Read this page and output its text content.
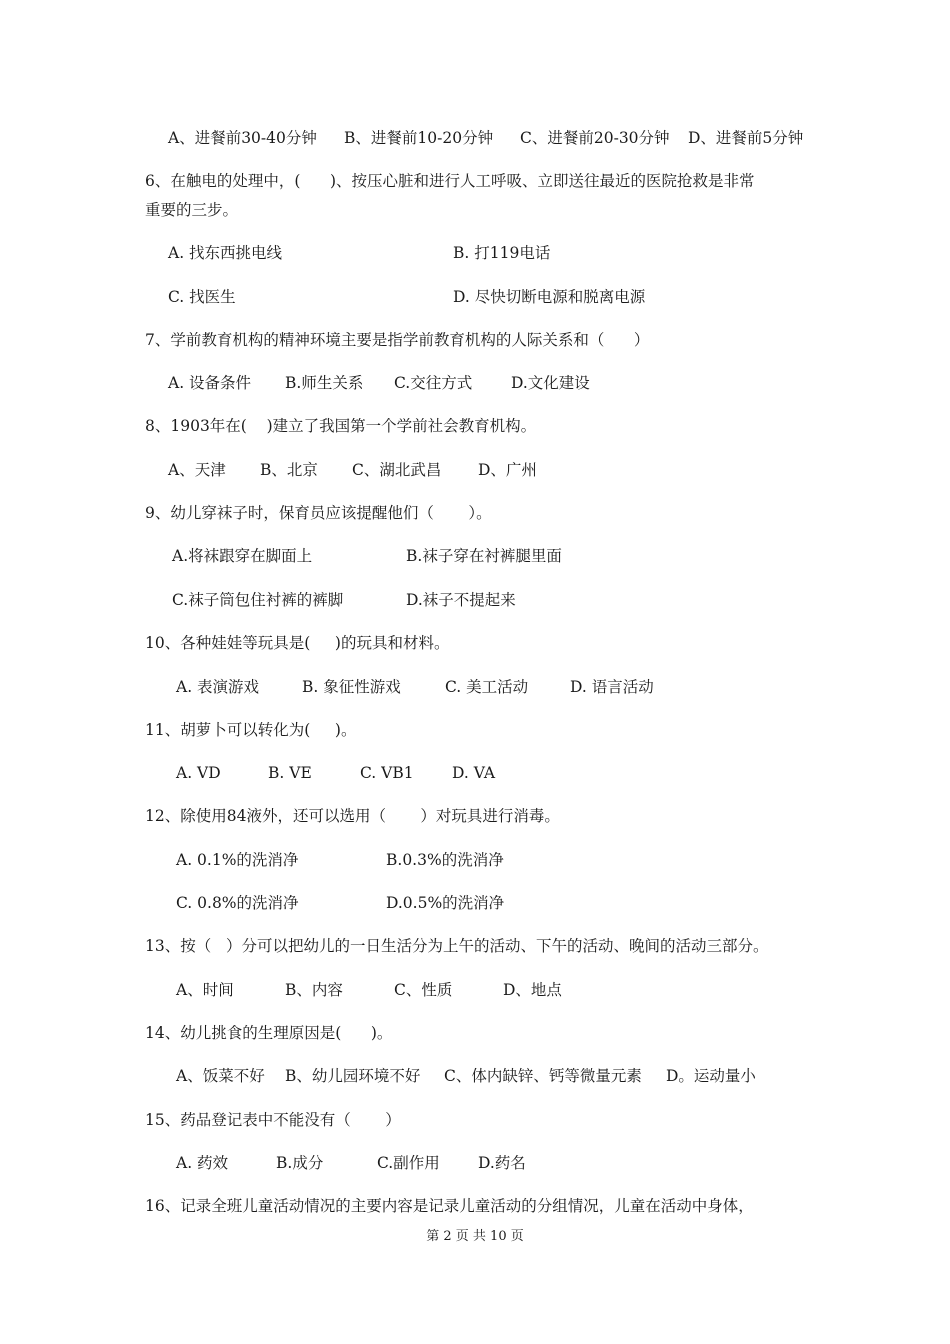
A、进餐前30-40分钟 B、进餐前10-20分钟 C、进餐前20-30分钟 D、进餐前5分钟
6、在触电的处理中，(      )、按压心脏和进行人工呼吸、立即送往最近的医院抢救是非常
重要的三步。
A. 找东西挑电线	B. 打119电话
C. 找医生	D. 尽快切断电源和脱离电源
7、学前教育机构的精神环境主要是指学前教育机构的人际关系和（      ）
A. 设备条件 B.师生关系 C.交往方式	D.文化建设
8、1903年在(    )建立了我国第一个学前社会教育机构。
A、天津 B、北京 C、湖北武昌 D、广州
9、幼儿穿袜子时，保育员应该提醒他们（       ）。
A.将袜跟穿在脚面上	B.袜子穿在衬裤腿里面
C.袜子筒包住衬裤的裤脚	D.袜子不提起来
10、各种娃娃等玩具是(     )的玩具和材料。
A. 表演游戏	B. 象征性游戏	C. 美工活动	D. 语言活动
11、胡萝卜可以转化为(     )。
A. VD	B. VE	C. VB1 D. VA
12、除使用84液外，还可以选用（       ）对玩具进行消毒。
A. 0.1%的洗消净	B.0.3%的洗消净
C. 0.8%的洗消净	D.0.5%的洗消净
13、按（   ）分可以把幼儿的一日生活分为上午的活动、下午的活动、晚间的活动三部分。
A、时间	B、内容	C、性质	D、地点
14、幼儿挑食的生理原因是(      )。
A、饭菜不好 B、幼儿园环境不好 C、体内缺锌、钙等微量元素 D。运动量小
15、药品登记表中不能没有（       ）
A. 药效	B.成分	C.副作用 D.药名
16、记录全班儿童活动情况的主要内容是记录儿童活动的分组情况，儿童在活动中身体，
第 2 页 共 10 页
